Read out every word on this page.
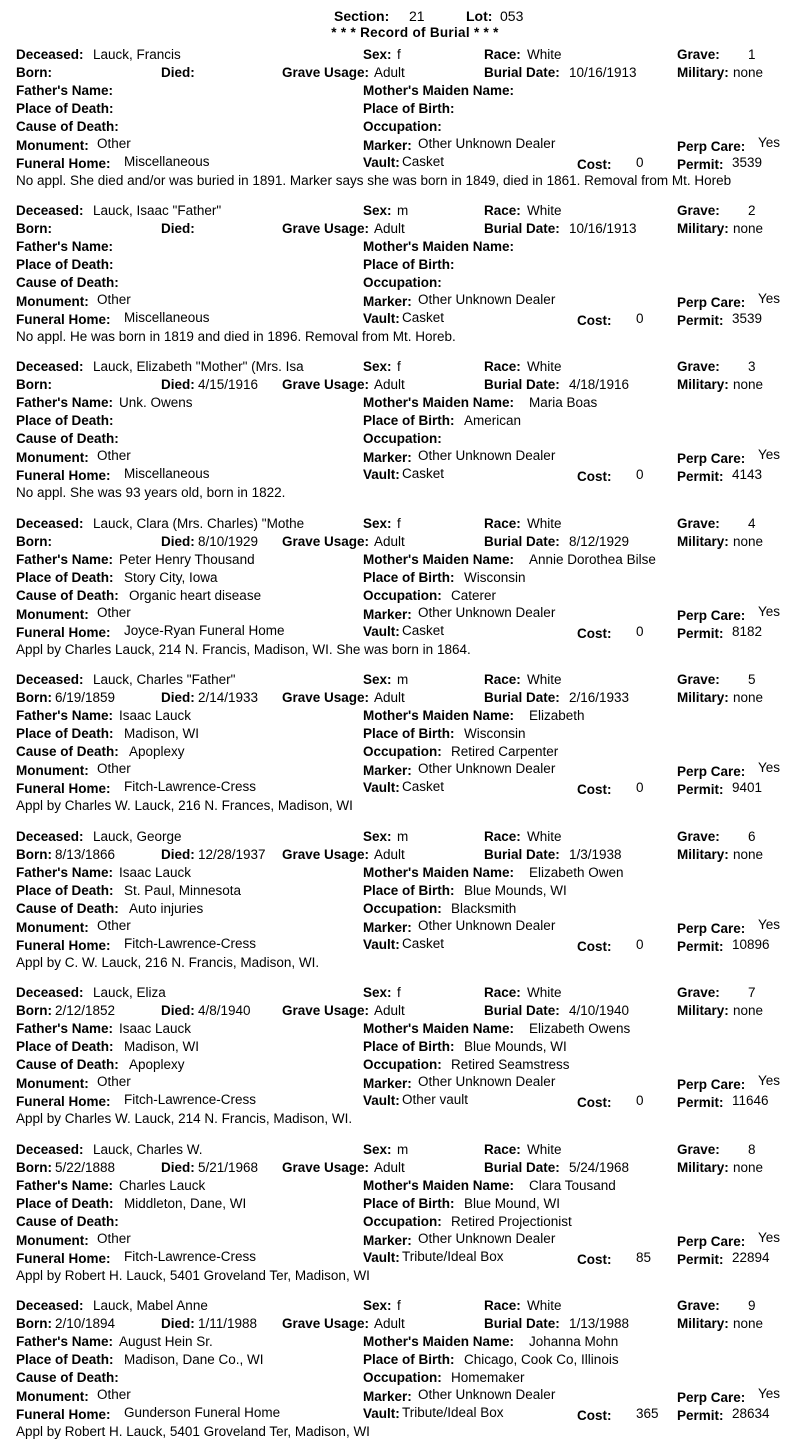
Section: 21	Lot: 053
* * * Record of Burial * * *
Deceased: Lauck, Francis	Sex: f	Race: White	Grave: 1
Born:	Died:	Grave Usage: Adult	Burial Date: 10/16/1913	Military: none
Father's Name:	Mother's Maiden Name:
Place of Death:	Place of Birth:
Cause of Death:	Occupation:
Monument: Other	Marker: Other Unknown Dealer	Perp Care: Yes
Funeral Home: Miscellaneous	Vault: Casket	Cost: 0 Permit: 3539
No appl. She died and/or was buried in 1891. Marker says she was born in 1849, died in 1861. Removal from Mt. Horeb
Deceased: Lauck, Isaac "Father"	Sex: m	Race: White	Grave: 2
Born:	Died:	Grave Usage: Adult	Burial Date: 10/16/1913	Military: none
Father's Name:	Mother's Maiden Name:
Place of Death:	Place of Birth:
Cause of Death:	Occupation:
Monument: Other	Marker: Other Unknown Dealer	Perp Care: Yes
Funeral Home: Miscellaneous	Vault: Casket	Cost: 0 Permit: 3539
No appl. He was born in 1819 and died in 1896. Removal from Mt. Horeb.
Deceased: Lauck, Elizabeth "Mother" (Mrs. Isa	Sex: f	Race: White	Grave: 3
Born:	Died: 4/15/1916 Grave Usage: Adult	Burial Date: 4/18/1916	Military: none
Father's Name: Unk. Owens	Mother's Maiden Name: Maria Boas
Place of Death:	Place of Birth: American
Cause of Death:	Occupation:
Monument: Other	Marker: Other Unknown Dealer	Perp Care: Yes
Funeral Home: Miscellaneous	Vault: Casket	Cost: 0 Permit: 4143
No appl. She was 93 years old, born in 1822.
Deceased: Lauck, Clara (Mrs. Charles) "Mothe	Sex: f	Race: White	Grave: 4
Born:	Died: 8/10/1929 Grave Usage: Adult	Burial Date: 8/12/1929	Military: none
Father's Name: Peter Henry Thousand	Mother's Maiden Name: Annie Dorothea Bilse
Place of Death: Story City, Iowa	Place of Birth: Wisconsin
Cause of Death: Organic heart disease	Occupation: Caterer
Monument: Other	Marker: Other Unknown Dealer	Perp Care: Yes
Funeral Home: Joyce-Ryan Funeral Home	Vault: Casket	Cost: 0 Permit: 8182
Appl by Charles Lauck, 214 N. Francis, Madison, WI. She was born in 1864.
Deceased: Lauck, Charles "Father"	Sex: m	Race: White	Grave: 5
Born: 6/19/1859	Died: 2/14/1933 Grave Usage: Adult	Burial Date: 2/16/1933	Military: none
Father's Name: Isaac Lauck	Mother's Maiden Name: Elizabeth
Place of Death: Madison, WI	Place of Birth: Wisconsin
Cause of Death: Apoplexy	Occupation: Retired Carpenter
Monument: Other	Marker: Other Unknown Dealer	Perp Care: Yes
Funeral Home: Fitch-Lawrence-Cress	Vault: Casket	Cost: 0 Permit: 9401
Appl by Charles W. Lauck, 216 N. Frances, Madison, WI
Deceased: Lauck, George	Sex: m	Race: White	Grave: 6
Born: 8/13/1866	Died: 12/28/1937 Grave Usage: Adult	Burial Date: 1/3/1938	Military: none
Father's Name: Isaac Lauck	Mother's Maiden Name: Elizabeth Owen
Place of Death: St. Paul, Minnesota	Place of Birth: Blue Mounds, WI
Cause of Death: Auto injuries	Occupation: Blacksmith
Monument: Other	Marker: Other Unknown Dealer	Perp Care: Yes
Funeral Home: Fitch-Lawrence-Cress	Vault: Casket	Cost: 0 Permit: 10896
Appl by C. W. Lauck, 216 N. Francis, Madison, WI.
Deceased: Lauck, Eliza	Sex: f	Race: White	Grave: 7
Born: 2/12/1852	Died: 4/8/1940 Grave Usage: Adult	Burial Date: 4/10/1940	Military: none
Father's Name: Isaac Lauck	Mother's Maiden Name: Elizabeth Owens
Place of Death: Madison, WI	Place of Birth: Blue Mounds, WI
Cause of Death: Apoplexy	Occupation: Retired Seamstress
Monument: Other	Marker: Other Unknown Dealer	Perp Care: Yes
Funeral Home: Fitch-Lawrence-Cress	Vault: Other vault	Cost: 0 Permit: 11646
Appl by Charles W. Lauck, 214 N. Francis, Madison, WI.
Deceased: Lauck, Charles W.	Sex: m	Race: White	Grave: 8
Born: 5/22/1888	Died: 5/21/1968 Grave Usage: Adult	Burial Date: 5/24/1968	Military: none
Father's Name: Charles Lauck	Mother's Maiden Name: Clara Tousand
Place of Death: Middleton, Dane, WI	Place of Birth: Blue Mound, WI
Cause of Death:	Occupation: Retired Projectionist
Monument: Other	Marker: Other Unknown Dealer	Perp Care: Yes
Funeral Home: Fitch-Lawrence-Cress	Vault: Tribute/Ideal Box	Cost: 85 Permit: 22894
Appl by Robert H. Lauck, 5401 Groveland Ter, Madison, WI
Deceased: Lauck, Mabel Anne	Sex: f	Race: White	Grave: 9
Born: 2/10/1894	Died: 1/11/1988 Grave Usage: Adult	Burial Date: 1/13/1988	Military: none
Father's Name: August Hein Sr.	Mother's Maiden Name: Johanna Mohn
Place of Death: Madison, Dane Co., WI	Place of Birth: Chicago, Cook Co, Illinois
Cause of Death:	Occupation: Homemaker
Monument: Other	Marker: Other Unknown Dealer	Perp Care: Yes
Funeral Home: Gunderson Funeral Home	Vault: Tribute/Ideal Box	Cost: 365 Permit: 28634
Appl by Robert H. Lauck, 5401 Groveland Ter, Madison, WI
